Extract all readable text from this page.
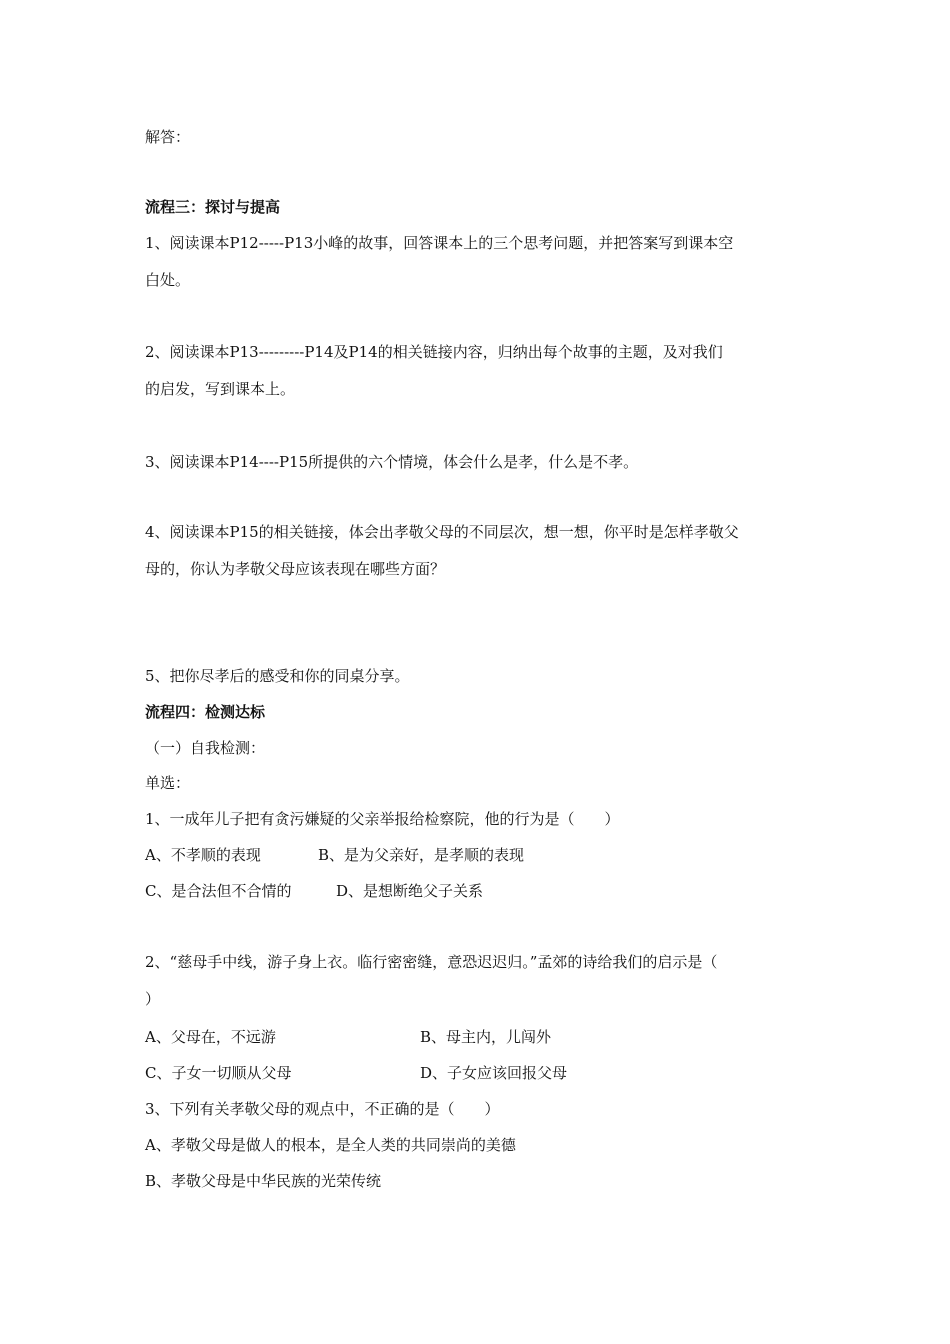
解答：
流程三：探讨与提高
1、阅读课本P12-----P13小峰的故事，回答课本上的三个思考问题，并把答案写到课本空
白处。
2、阅读课本P13---------P14及P14的相关链接内容，归纳出每个故事的主题，及对我们
的启发，写到课本上。
3、阅读课本P14----P15所提供的六个情境，体会什么是孝，什么是不孝。
4、阅读课本P15的相关链接，体会出孝敬父母的不同层次，想一想，你平时是怎样孝敬父
母的，你认为孝敬父母应该表现在哪些方面？
5、把你尽孝后的感受和你的同桌分享。
流程四：检测达标
（一）自我检测：
单选：
1、一成年儿子把有贪污嫌疑的父亲举报给检察院，他的行为是（　　）
A、不孝顺的表现	B、是为父亲好，是孝顺的表现
C、是合法但不合情的	D、是想断绝父子关系
2、“慈母手中线，游子身上衣。临行密密缝，意恐迟迟归。”孟郊的诗给我们的启示是（
）
A、父母在，不远游	B、母主内，儿闯外
C、子女一切顺从父母	D、子女应该回报父母
3、下列有关孝敬父母的观点中，不正确的是（　　）
A、孝敬父母是做人的根本，是全人类的共同崇尚的美德
B、孝敬父母是中华民族的光荣传统
